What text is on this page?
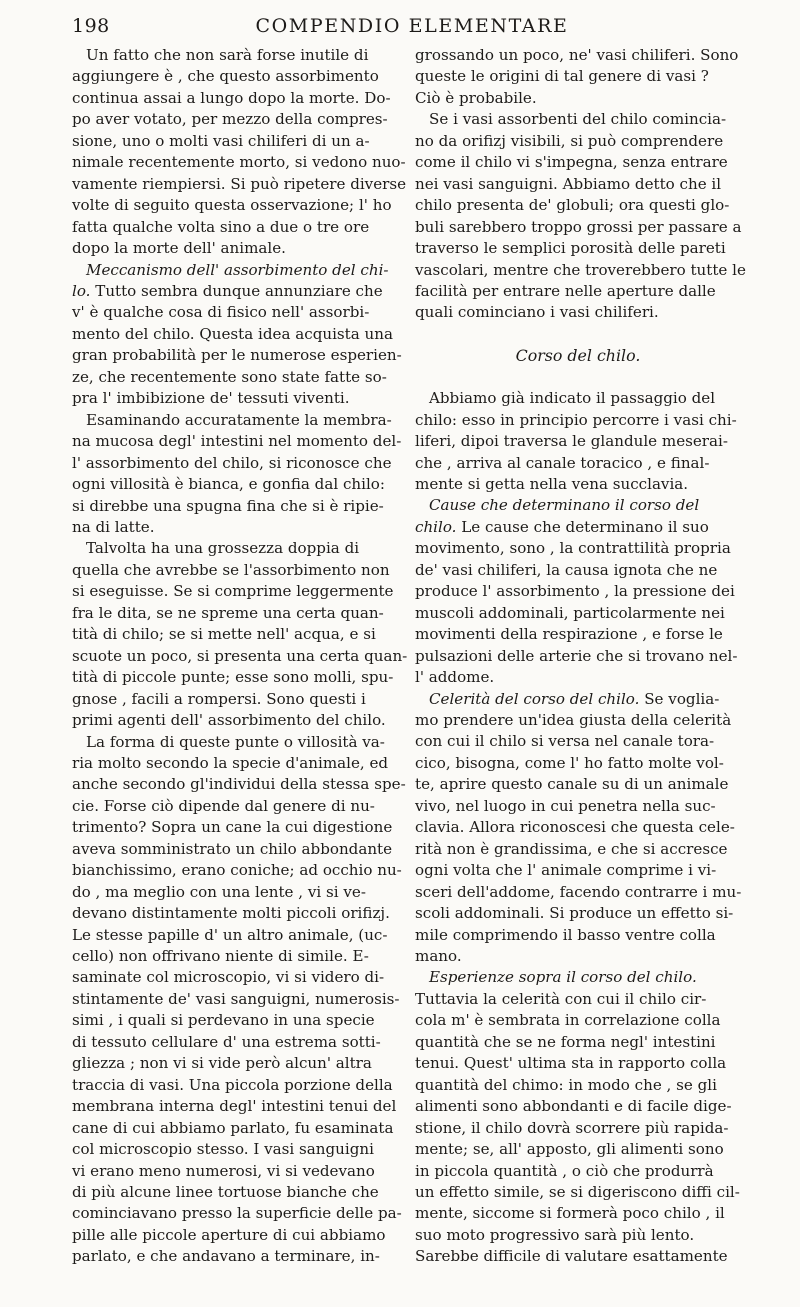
198	COMPENDIO ELEMENTARE
Un fatto che non sarà forse inutile di
aggiungere è , che questo assorbimento
continua assai a lungo dopo la morte. Do-
po aver votato, per mezzo della compres-
sione, uno o molti vasi chiliferi di un a-
nimale recentemente morto, si vedono nuo-
vamente riempiersi. Si può ripetere diverse
volte di seguito questa osservazione; l' ho
fatta qualche volta sino a due o tre ore
dopo la morte dell' animale.
Meccanismo dell' assorbimento del chi-
lo. Tutto sembra dunque annunziare che
v' è qualche cosa di fisico nell' assorbi-
mento del chilo. Questa idea acquista una
gran probabilità per le numerose esperien-
ze, che recentemente sono state fatte so-
pra l' imbibizione de' tessuti viventi.
Esaminando accuratamente la membra-
na mucosa degl' intestini nel momento del-
l' assorbimento del chilo, si riconosce che
ogni villosità è bianca, e gonfia dal chilo:
si direbbe una spugna fina che si è ripie-
na di latte.
Talvolta ha una grossezza doppia di
quella che avrebbe se l'assorbimento non
si eseguisse. Se si comprime leggermente
fra le dita, se ne spreme una certa quan-
tità di chilo; se si mette nell' acqua, e si
scuote un poco, si presenta una certa quan-
tità di piccole punte; esse sono molli, spu-
gnose , facili a rompersi. Sono questi i
primi agenti dell' assorbimento del chilo.
La forma di queste punte o villosità va-
ria molto secondo la specie d'animale, ed
anche secondo gl'individui della stessa spe-
cie. Forse ciò dipende dal genere di nu-
trimento? Sopra un cane la cui digestione
aveva somministrato un chilo abbondante
bianchissimo, erano coniche; ad occhio nu-
do , ma meglio con una lente , vi si ve-
devano distintamente molti piccoli orifizj.
Le stesse papille d' un altro animale, (uc-
cello) non offrivano niente di simile. E-
saminate col microscopio, vi si videro di-
stintamente de' vasi sanguigni, numerosis-
simi , i quali si perdevano in una specie
di tessuto cellulare d' una estrema sotti-
gliezza ; non vi si vide però alcun' altra
traccia di vasi. Una piccola porzione della
membrana interna degl' intestini tenui del
cane di cui abbiamo parlato, fu esaminata
col microscopio stesso. I vasi sanguigni
vi erano meno numerosi, vi si vedevano
di più alcune linee tortuose bianche che
cominciavano presso la superficie delle pa-
pille alle piccole aperture di cui abbiamo
parlato, e che andavano a terminare, in-
grossando un poco, ne' vasi chiliferi. Sono
queste le origini di tal genere di vasi ?
Ciò è probabile.
Se i vasi assorbenti del chilo comincia-
no da orifizj visibili, si può comprendere
come il chilo vi s'impegna, senza entrare
nei vasi sanguigni. Abbiamo detto che il
chilo presenta de' globuli; ora questi glo-
buli sarebbero troppo grossi per passare a
traverso le semplici porosità delle pareti
vascolari, mentre che troverebbero tutte le
facilità per entrare nelle aperture dalle
quali cominciano i vasi chiliferi.
Corso del chilo.
Abbiamo già indicato il passaggio del
chilo: esso in principio percorre i vasi chi-
liferi, dipoi traversa le glandule meserai-
che , arriva al canale toracico , e final-
mente si getta nella vena succlavia.
Cause che determinano il corso del
chilo. Le cause che determinano il suo
movimento, sono , la contrattilità propria
de' vasi chiliferi, la causa ignota che ne
produce l' assorbimento , la pressione dei
muscoli addominali, particolarmente nei
movimenti della respirazione , e forse le
pulsazioni delle arterie che si trovano nel-
l' addome.
Celerità del corso del chilo. Se voglia-
mo prendere un'idea giusta della celerità
con cui il chilo si versa nel canale tora-
cico, bisogna, come l' ho fatto molte vol-
te, aprire questo canale su di un animale
vivo, nel luogo in cui penetra nella suc-
clavia. Allora riconoscesi che questa cele-
rità non è grandissima, e che si accresce
ogni volta che l' animale comprime i vi-
sceri dell'addome, facendo contrarre i mu-
scoli addominali. Si produce un effetto si-
mile comprimendo il basso ventre colla
mano.
Esperienze sopra il corso del chilo.
Tuttavia la celerità con cui il chilo cir-
cola m' è sembrata in correlazione colla
quantità che se ne forma negl' intestini
tenui. Quest' ultima sta in rapporto colla
quantità del chimo: in modo che , se gli
alimenti sono abbondanti e di facile dige-
stione, il chilo dovrà scorrere più rapida-
mente; se, all' apposto, gli alimenti sono
in piccola quantità , o ciò che produrrà
un effetto simile, se si digeriscono diffi cil-
mente, siccome si formerà poco chilo , il
suo moto progressivo sarà più lento.
Sarebbe difficile di valutare esattamente
